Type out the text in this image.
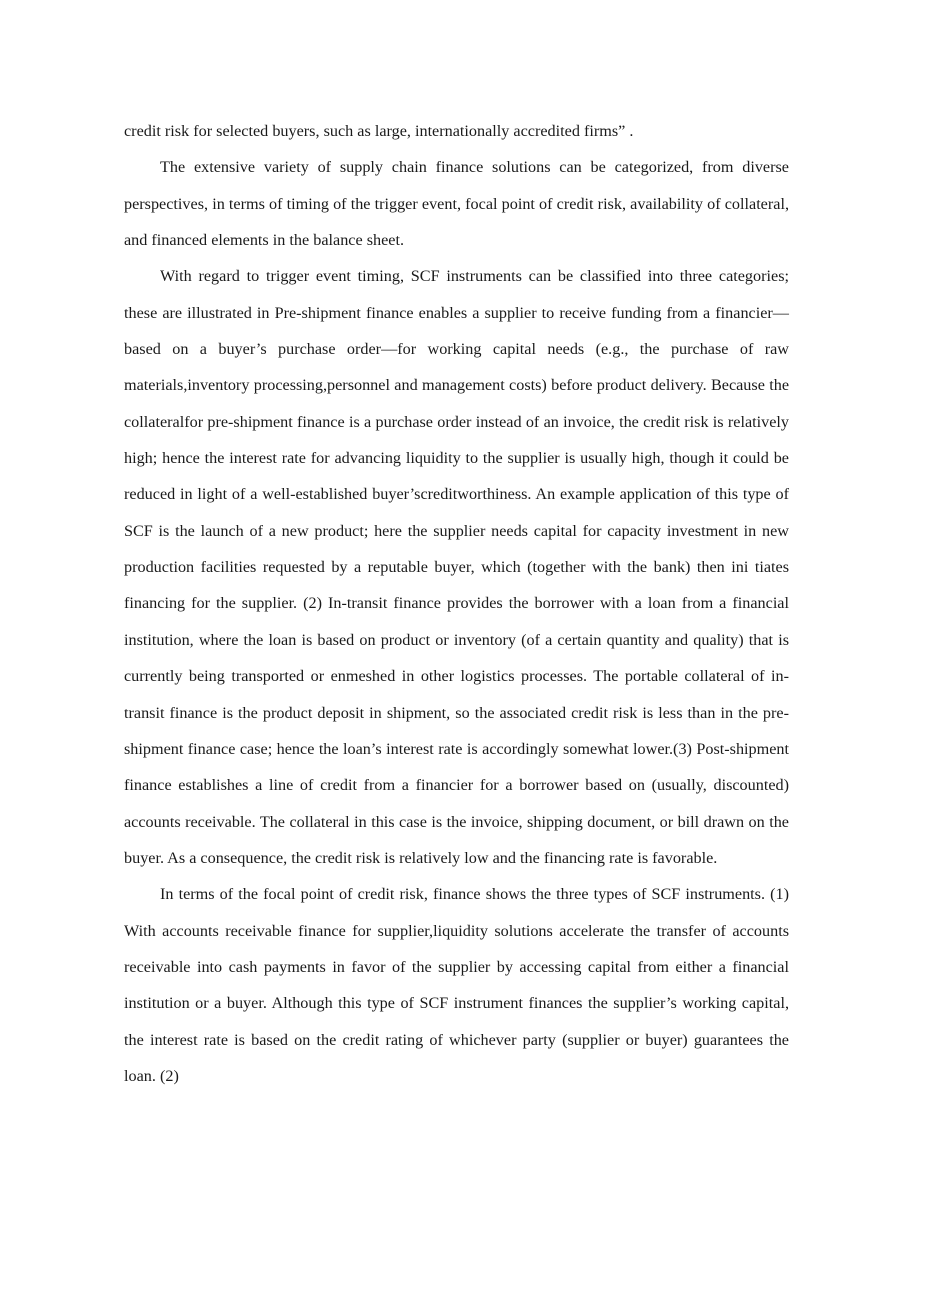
credit risk for selected buyers, such as large, internationally accredited firms” .

The extensive variety of supply chain finance solutions can be categorized, from diverse perspectives, in terms of timing of the trigger event, focal point of credit risk, availability of collateral, and financed elements in the balance sheet.

With regard to trigger event timing, SCF instruments can be classified into three categories; these are illustrated in Pre-shipment finance enables a supplier to receive funding from a financier—based on a buyer’s purchase order—for working capital needs (e.g., the purchase of raw materials,inventory processing,personnel and management costs) before product delivery. Because the collateralfor pre-shipment finance is a purchase order instead of an invoice, the credit risk is relatively high; hence the interest rate for advancing liquidity to the supplier is usually high, though it could be reduced in light of a well-established buyer’screditworthiness. An example application of this type of SCF is the launch of a new product; here the supplier needs capital for capacity investment in new production facilities requested by a reputable buyer, which (together with the bank) then ini tiates financing for the supplier. (2) In-transit finance provides the borrower with a loan from a financial institution, where the loan is based on product or inventory (of a certain quantity and quality) that is currently being transported or enmeshed in other logistics processes. The portable collateral of in-transit finance is the product deposit in shipment, so the associated credit risk is less than in the pre-shipment finance case; hence the loan’s interest rate is accordingly somewhat lower.(3) Post-shipment finance establishes a line of credit from a financier for a borrower based on (usually, discounted) accounts receivable. The collateral in this case is the invoice, shipping document, or bill drawn on the buyer. As a consequence, the credit risk is relatively low and the financing rate is favorable.

In terms of the focal point of credit risk, finance shows the three types of SCF instruments. (1) With accounts receivable finance for supplier,liquidity solutions accelerate the transfer of accounts receivable into cash payments in favor of the supplier by accessing capital from either a financial institution or a buyer. Although this type of SCF instrument finances the supplier’s working capital, the interest rate is based on the credit rating of whichever party (supplier or buyer) guarantees the loan. (2)
